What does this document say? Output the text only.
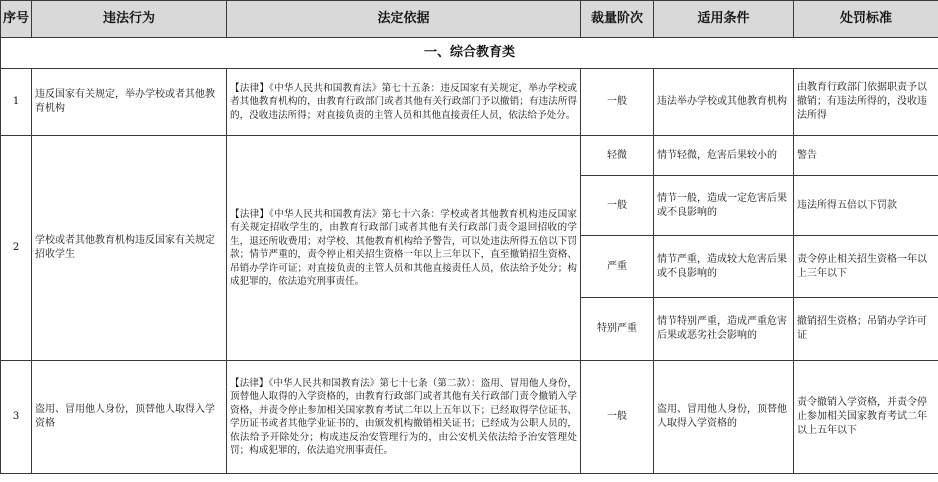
序号	违法行为	法定依据	裁量阶次	适用条件	处罚标准
一、综合教育类					
1	违反国家有关规定，举办学校或者其他教育机构	【法律】《中华人民共和国教育法》第七十五条：违反国家有关规定，举办学校或者其他教育机构的，由教育行政部门或者其他有关行政部门予以撤销；有违法所得的，没收违法所得；对直接负责的主管人员和其他直接责任人员，依法给予处分。	一般	违法举办学校或其他教育机构	由教育行政部门依据职责予以撤销；有违法所得的，没收违法所得
2	学校或者其他教育机构违反国家有关规定招收学生	【法律】《中华人民共和国教育法》第七十六条：学校或者其他教育机构违反国家有关规定招收学生的，由教育行政部门或者其他有关行政部门责令退回招收的学生，退还所收费用；对学校、其他教育机构给予警告，可以处违法所得五倍以下罚款；情节严重的，责令停止相关招生资格一年以上三年以下，直至撤销招生资格、吊销办学许可证；对直接负责的主管人员和其他直接责任人员，依法给予处分；构成犯罪的，依法追究刑事责任。	轻微	情节轻微，危害后果较小的	警告
			一般	情节一般，造成一定危害后果或不良影响的	违法所得五倍以下罚款
			严重	情节严重，造成较大危害后果或不良影响的	责令停止相关招生资格一年以上三年以下
			特别严重	情节特别严重，造成严重危害后果或恶劣社会影响的	撤销招生资格；吊销办学许可证
3	盗用、冒用他人身份，顶替他人取得入学资格	【法律】《中华人民共和国教育法》第七十七条（第二款）：盗用、冒用他人身份，顶替他人取得的入学资格的，由教育行政部门或者其他有关行政部门责令撤销入学资格，并责令停止参加相关国家教育考试二年以上五年以下；已经取得学位证书、学历证书或者其他学业证书的，由颁发机构撤销相关证书；已经成为公职人员的，依法给予开除处分；构成违反治安管理行为的，由公安机关依法给予治安管理处罚；构成犯罪的，依法追究刑事责任。	一般	盗用、冒用他人身份，顶替他人取得入学资格的	责令撤销入学资格，并责令停止参加相关国家教育考试二年以上五年以下
